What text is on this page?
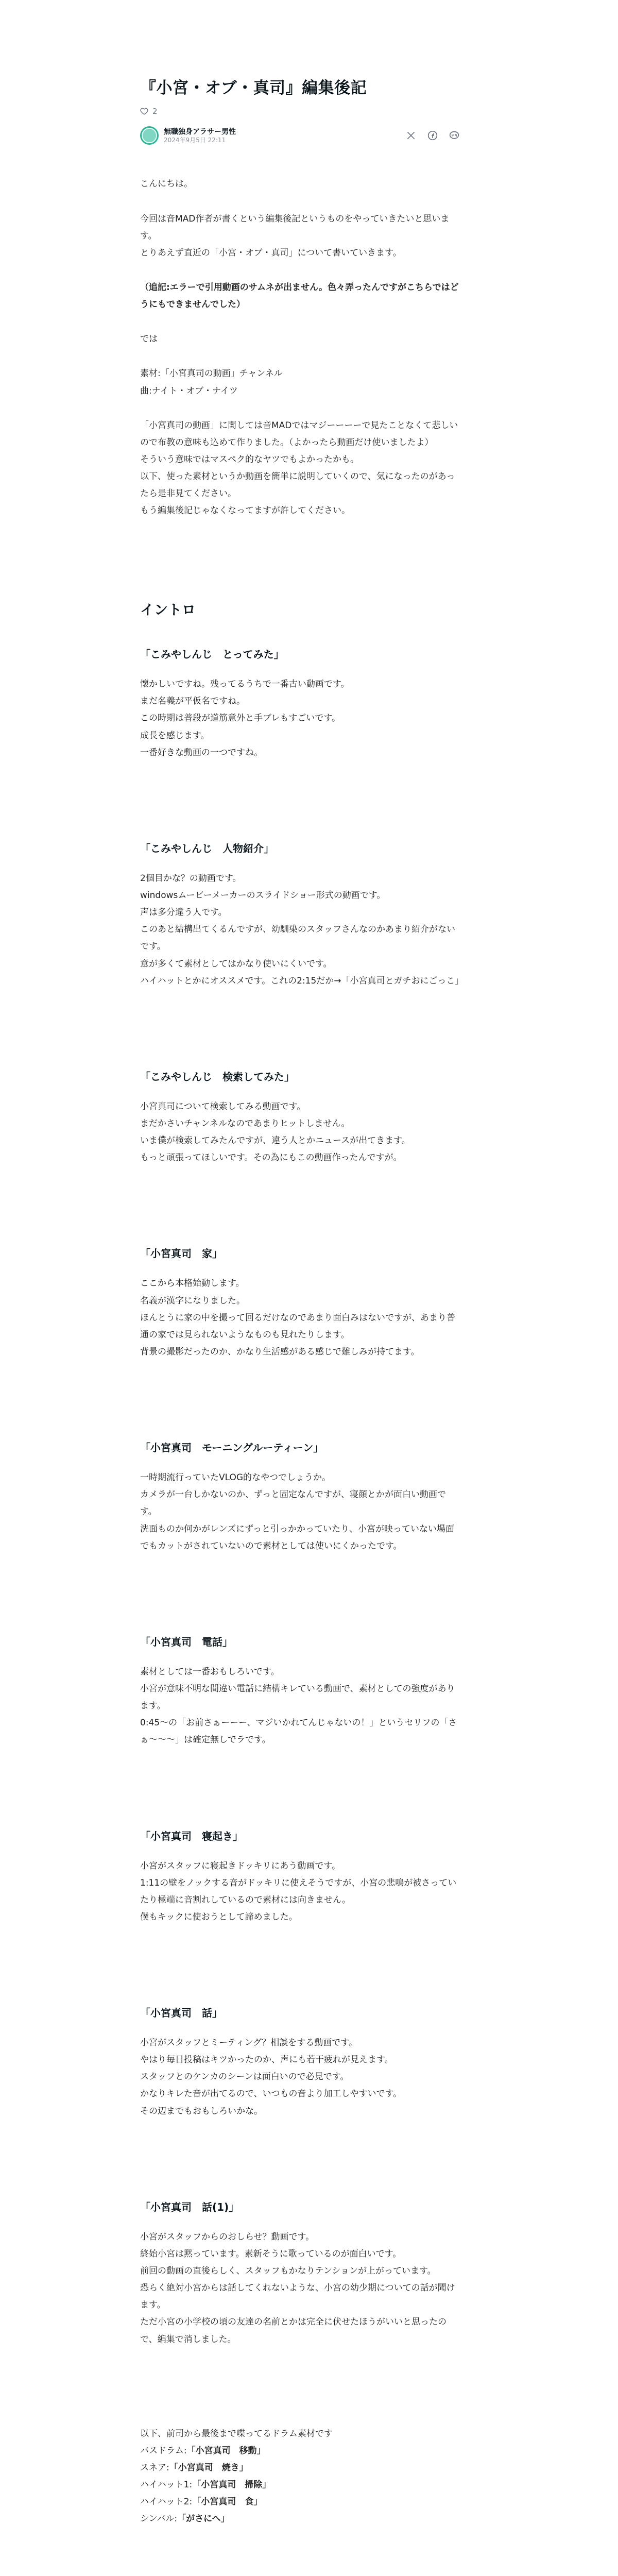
『小宮・オブ・真司』編集後記
2
無職独身アラサー男性
2024年9月5日 22:11

こんにちは。

今回は音MAD作者が書くという編集後記というものをやっていきたいと思います。
とりあえず直近の「小宮・オブ・真司」について書いていきます。

（追記:エラーで引用動画のサムネが出ません。色々弄ったんですがこちらではどうにもできませんでした）

では

素材:「小宮真司の動画」チャンネル
曲:ナイト・オブ・ナイツ

「小宮真司の動画」に関しては音MADではマジーーーーで見たことなくて悲しいので布教の意味も込めて作りました。（よかったら動画だけ使いましたよ）
そういう意味ではマスペク的なヤツでもよかったかも。
以下、使った素材というか動画を簡単に説明していくので、気になったのがあったら是非見てください。
もう編集後記じゃなくなってますが許してください。

イントロ
「こみやしんじ　とってみた」

懐かしいですね。残ってるうちで一番古い動画です。

まだ名義が平仮名ですね。

この時期は普段が道筋意外と手ブレもすごいです。

成長を感じます。

一番好きな動画の一つですね。

「こみやしんじ　人物紹介」

2個目かな？の動画です。

windowsムービーメーカーのスライドショー形式の動画です。

声は多分違う人です。

このあと結構出てくるんですが、幼馴染のスタッフさんなのかあまり紹介がないです。

意が多くて素材としてはかなり使いにくいです。

ハイハットとかにオススメです。これの2:15だか→「小宮真司とガチおにごっこ」

「こみやしんじ　検索してみた」

小宮真司について検索してみる動画です。

まだかさいチャンネルなのであまりヒットしません。

いま僕が検索してみたんですが、違う人とかニュースが出てきます。

もっと頑張ってほしいです。その為にもこの動画作ったんですが。

「小宮真司　家」

ここから本格始動します。

名義が漢字になりました。

ほんとうに家の中を撮って回るだけなのであまり面白みはないですが、あまり普通の家では見られないようなものも見れたりします。

背景の撮影だったのか、かなり生活感がある感じで難しみが持てます。

「小宮真司　モーニングルーティーン」

一時期流行っていたVLOG的なやつでしょうか。

カメラが一台しかないのか、ずっと固定なんですが、寝顔とかが面白い動画です。

洗面ものか何かがレンズにずっと引っかかっていたり、小宮が映っていない場面でもカットがされていないので素材としては使いにくかったです。

「小宮真司　電話」

素材としては一番おもしろいです。

小宮が意味不明な間違い電話に結構キレている動画で、素材としての強度があります。

0:45〜の「お前さぁーーー、マジいかれてんじゃないの！」というセリフの「さぁ〜〜〜」は確定無しでラです。

「小宮真司　寝起き」

小宮がスタッフに寝起きドッキリにあう動画です。

1:11の壁をノックする音がドッキリに使えそうですが、小宮の悲鳴が被さっていたり極端に音割れしているので素材には向きません。

僕もキックに使おうとして諦めました。

「小宮真司　話」

小宮がスタッフとミーティング？相談をする動画です。

やはり毎日投稿はキツかったのか、声にも若干疲れが見えます。

スタッフとのケンカのシーンは面白いので必見です。

かなりキレた音が出てるので、いつもの音より加工しやすいです。

その辺までもおもしろいかな。

「小宮真司　話(1)」

小宮がスタッフからのおしらせ？動画です。

終始小宮は黙っています。素新そうに歌っているのが面白いです。

前回の動画の直後らしく、スタッフもかなりテンションが上がっています。

恐らく絶対小宮からは話してくれないような、小宮の幼少期についての話が聞けます。

ただ小宮の小学校の頃の友達の名前とかは完全に伏せたほうがいいと思ったので、編集で消しました。

以下、前司から最後まで喋ってるドラム素材です

バスドラム:「小宮真司　移動」

スネア:「小宮真司　焼き」

ハイハット1:「小宮真司　掃除」

ハイハット2:「小宮真司　食」

シンバル:「がさにへ」
